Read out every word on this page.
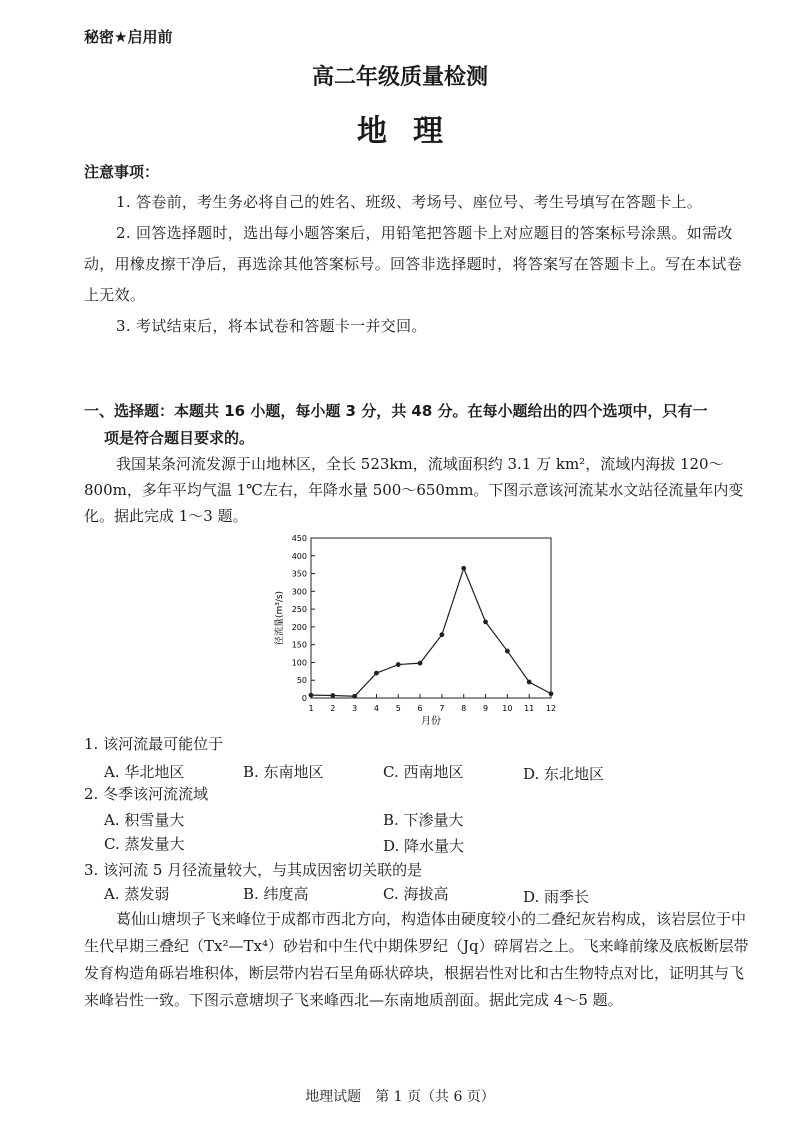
秘密★启用前
高二年级质量检测
地理
注意事项：
1. 答卷前，考生务必将自己的姓名、班级、考场号、座位号、考生号填写在答题卡上。
2. 回答选择题时，选出每小题答案后，用铅笔把答题卡上对应题目的答案标号涂黑。如需改动，用橡皮擦干净后，再选涂其他答案标号。回答非选择题时，将答案写在答题卡上。写在本试卷上无效。
3. 考试结束后，将本试卷和答题卡一并交回。
一、选择题：本题共 16 小题，每小题 3 分，共 48 分。在每小题给出的四个选项中，只有一
项是符合题目要求的。
我国某条河流发源于山地林区，全长 523km，流域面积约 3.1 万 km²，流域内海拔 120～800m，多年平均气温 1℃左右，年降水量 500～650mm。下图示意该河流某水文站径流量年内变化。据此完成 1～3 题。
0
50
100
150
200
250
300
350
400
450
1 2 3 4 5 6 7 8 9 10 11 12
径流量(m³/s)
月份
1. 该河流最可能位于
A. 华北地区	B. 东南地区	C. 西南地区	D. 东北地区
2. 冬季该河流流域
A. 积雪量大	B. 下渗量大
C. 蒸发量大	D. 降水量大
3. 该河流 5 月径流量较大，与其成因密切关联的是
A. 蒸发弱	B. 纬度高	C. 海拔高	D. 雨季长
葛仙山塘坝子飞来峰位于成都市西北方向，构造体由硬度较小的二叠纪灰岩构成，该岩层位于中生代早期三叠纪（Tx²—Tx⁴）砂岩和中生代中期侏罗纪（Jq）碎屑岩之上。飞来峰前缘及底板断层带发育构造角砾岩堆积体，断层带内岩石呈角砾状碎块，根据岩性对比和古生物特点对比，证明其与飞来峰岩性一致。下图示意塘坝子飞来峰西北—东南地质剖面。据此完成 4～5 题。
地理试题　第 1 页（共 6 页）
